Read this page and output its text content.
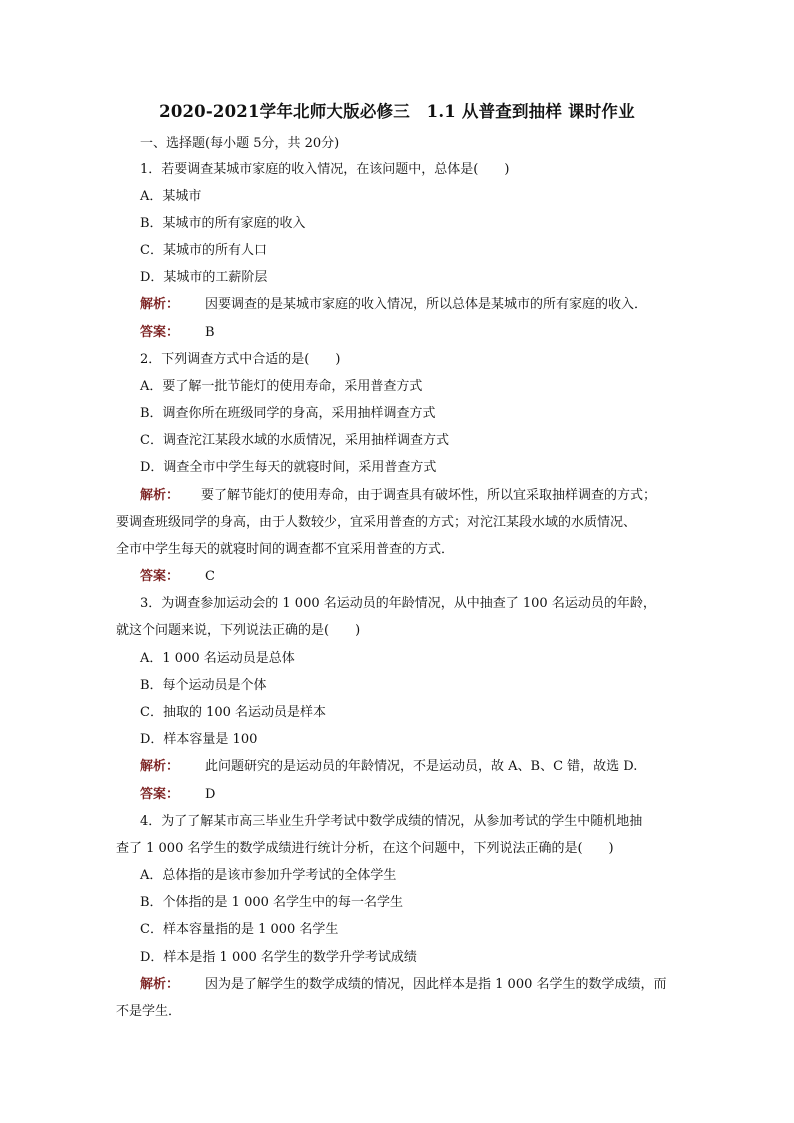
2020-2021学年北师大版必修三　1.1 从普查到抽样 课时作业
一、选择题(每小题 5分，共 20分)
1．若要调查某城市家庭的收入情况，在该问题中，总体是(　　)
A．某城市
B．某城市的所有家庭的收入
C．某城市的所有人口
D．某城市的工薪阶层
解析： 因要调查的是某城市家庭的收入情况，所以总体是某城市的所有家庭的收入．
答案： B
2．下列调查方式中合适的是(　　)
A．要了解一批节能灯的使用寿命，采用普查方式
B．调查你所在班级同学的身高，采用抽样调查方式
C．调查沱江某段水域的水质情况，采用抽样调查方式
D．调查全市中学生每天的就寝时间，采用普查方式
解析： 要了解节能灯的使用寿命，由于调查具有破坏性，所以宜采取抽样调查的方式；
要调查班级同学的身高，由于人数较少，宜采用普查的方式；对沱江某段水域的水质情况、
全市中学生每天的就寝时间的调查都不宜采用普查的方式．
答案： C
3．为调查参加运动会的 1 000 名运动员的年龄情况，从中抽查了 100 名运动员的年龄，
就这个问题来说，下列说法正确的是(　　)
A．1 000 名运动员是总体
B．每个运动员是个体
C．抽取的 100 名运动员是样本
D．样本容量是 100
解析： 此问题研究的是运动员的年龄情况，不是运动员，故 A、B、C 错，故选 D.
答案： D
4．为了了解某市高三毕业生升学考试中数学成绩的情况，从参加考试的学生中随机地抽
查了 1 000 名学生的数学成绩进行统计分析，在这个问题中，下列说法正确的是(　　)
A．总体指的是该市参加升学考试的全体学生
B．个体指的是 1 000 名学生中的每一名学生
C．样本容量指的是 1 000 名学生
D．样本是指 1 000 名学生的数学升学考试成绩
解析： 因为是了解学生的数学成绩的情况，因此样本是指 1 000 名学生的数学成绩，而
不是学生．
